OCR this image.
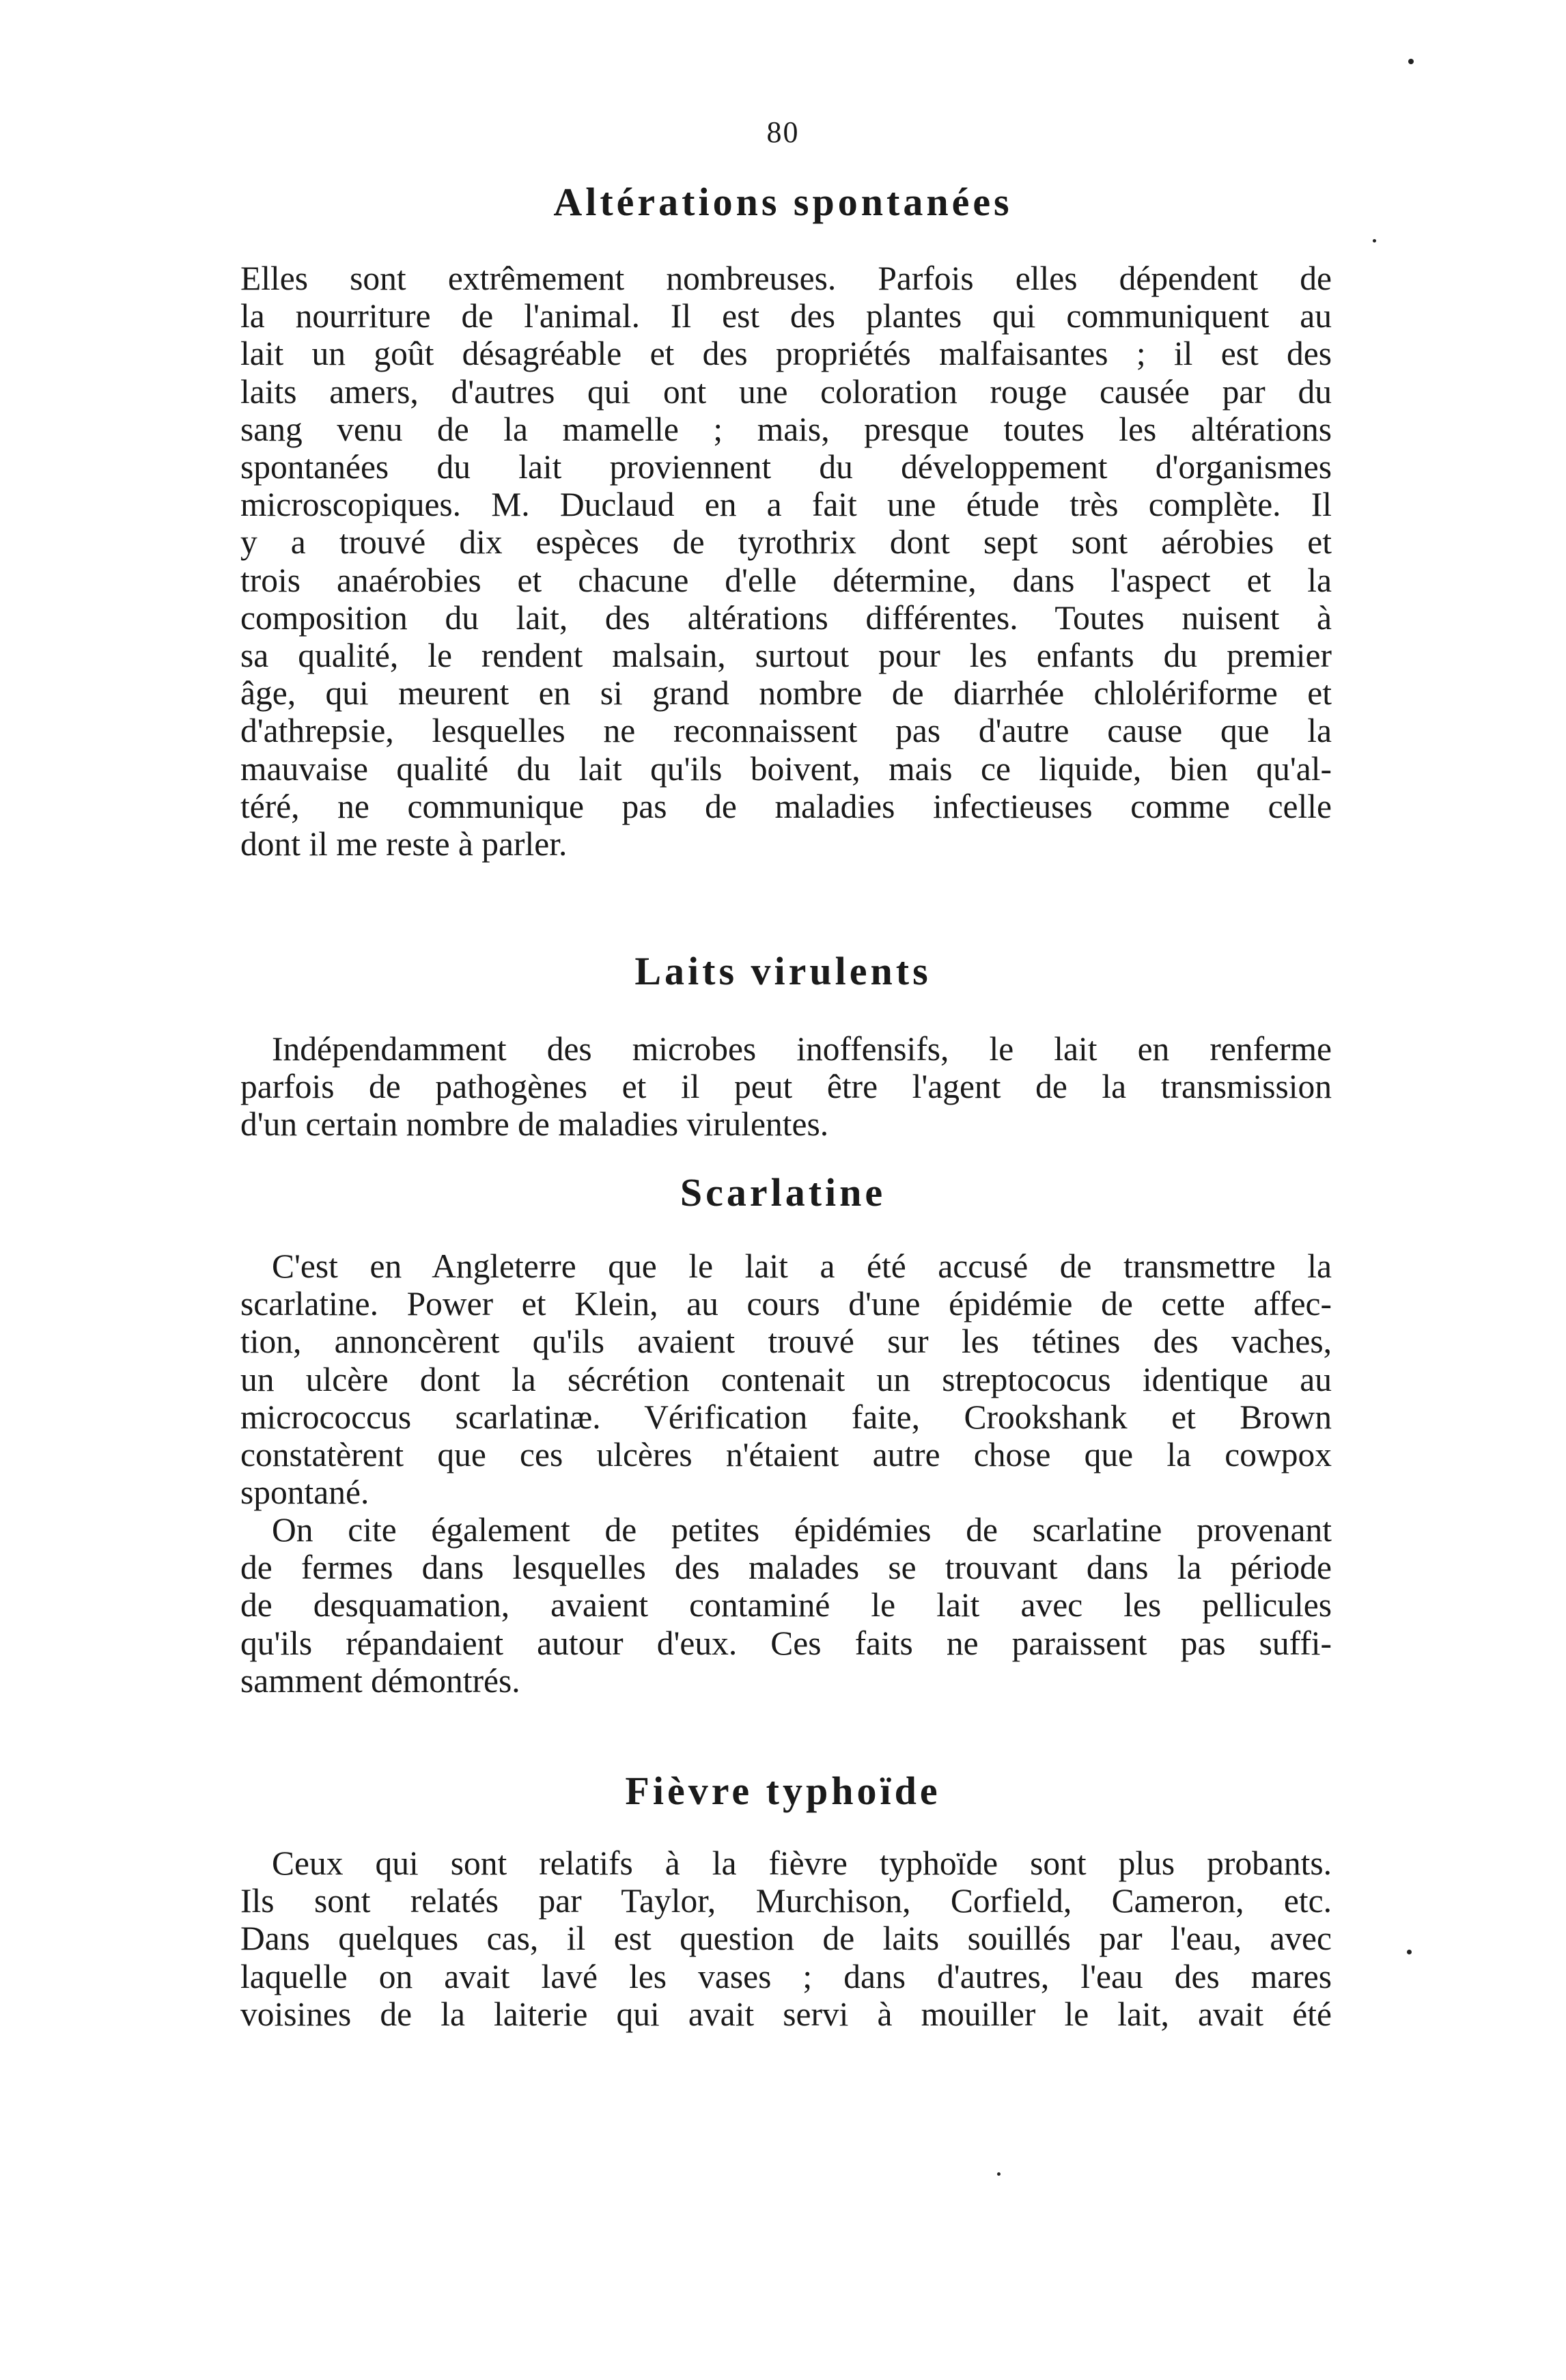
80
Altérations spontanées
Elles sont extrêmement nombreuses. Parfois elles dépendent de
la nourriture de l'animal. Il est des plantes qui communiquent au
lait un goût désagréable et des propriétés malfaisantes ; il est des
laits amers, d'autres qui ont une coloration rouge causée par du
sang venu de la mamelle ; mais, presque toutes les altérations
spontanées du lait proviennent du développement d'organismes
microscopiques. M. Duclaud en a fait une étude très complète. Il
y a trouvé dix espèces de tyrothrix dont sept sont aérobies et
trois anaérobies et chacune d'elle détermine, dans l'aspect et la
composition du lait, des altérations différentes. Toutes nuisent à
sa qualité, le rendent malsain, surtout pour les enfants du premier
âge, qui meurent en si grand nombre de diarrhée chlolériforme et
d'athrepsie, lesquelles ne reconnaissent pas d'autre cause que la
mauvaise qualité du lait qu'ils boivent, mais ce liquide, bien qu'al-
téré, ne communique pas de maladies infectieuses comme celle
dont il me reste à parler.
Laits virulents
Indépendamment des microbes inoffensifs, le lait en renferme
parfois de pathogènes et il peut être l'agent de la transmission
d'un certain nombre de maladies virulentes.
Scarlatine
C'est en Angleterre que le lait a été accusé de transmettre la
scarlatine. Power et Klein, au cours d'une épidémie de cette affec-
tion, annoncèrent qu'ils avaient trouvé sur les tétines des vaches,
un ulcère dont la sécrétion contenait un streptococus identique au
micrococcus scarlatinæ. Vérification faite, Crookshank et Brown
constatèrent que ces ulcères n'étaient autre chose que la cowpox
spontané.
On cite également de petites épidémies de scarlatine provenant
de fermes dans lesquelles des malades se trouvant dans la période
de desquamation, avaient contaminé le lait avec les pellicules
qu'ils répandaient autour d'eux. Ces faits ne paraissent pas suffi-
samment démontrés.
Fièvre typhoïde
Ceux qui sont relatifs à la fièvre typhoïde sont plus probants.
Ils sont relatés par Taylor, Murchison, Corfield, Cameron, etc.
Dans quelques cas, il est question de laits souillés par l'eau, avec
laquelle on avait lavé les vases ; dans d'autres, l'eau des mares
voisines de la laiterie qui avait servi à mouiller le lait, avait été
